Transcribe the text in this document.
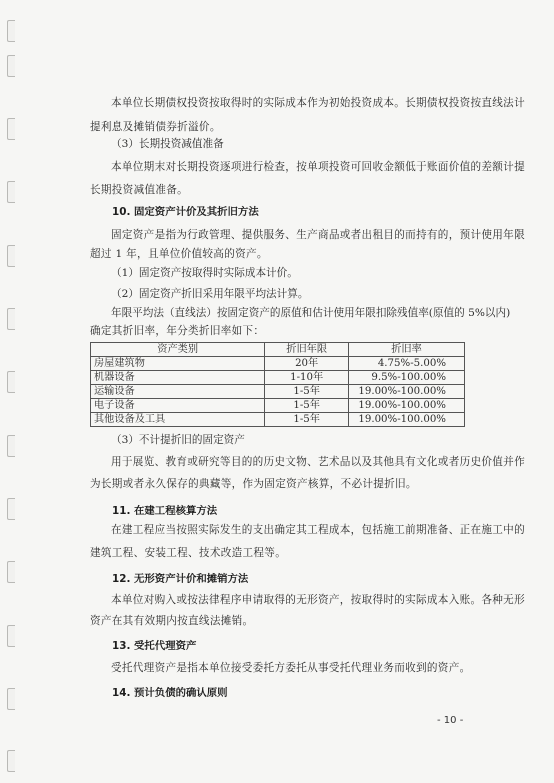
本单位长期债权投资按取得时的实际成本作为初始投资成本。长期债权投资按直线法计

提利息及摊销债券折溢价。

（3）长期投资减值准备

本单位期末对长期投资逐项进行检查，按单项投资可回收金额低于账面价值的差额计提

长期投资减值准备。

10. 固定资产计价及其折旧方法

固定资产是指为行政管理、提供服务、生产商品或者出租目的而持有的，预计使用年限

超过 1 年，且单位价值较高的资产。

（1）固定资产按取得时实际成本计价。

（2）固定资产折旧采用年限平均法计算。

年限平均法（直线法）按固定资产的原值和估计使用年限扣除残值率(原值的 5%以内)

确定其折旧率，年分类折旧率如下：

（3）不计提折旧的固定资产

用于展览、教育或研究等目的的历史文物、艺术品以及其他具有文化或者历史价值并作

为长期或者永久保存的典藏等，作为固定资产核算，不必计提折旧。

11. 在建工程核算方法

在建工程应当按照实际发生的支出确定其工程成本，包括施工前期准备、正在施工中的

建筑工程、安装工程、技术改造工程等。

12. 无形资产计价和摊销方法

本单位对购入或按法律程序申请取得的无形资产，按取得时的实际成本入账。各种无形

资产在其有效期内按直线法摊销。

13. 受托代理资产

受托代理资产是指本单位接受委托方委托从事受托代理业务而收到的资产。

14. 预计负债的确认原则

资产类别	折旧年限	折旧率
房屋建筑物	20年	4.75%-5.00%
机器设备	1-10年	9.5%-100.00%
运输设备	1-5年	19.00%-100.00%
电子设备	1-5年	19.00%-100.00%
其他设备及工具	1-5年	19.00%-100.00%
- 10 -
